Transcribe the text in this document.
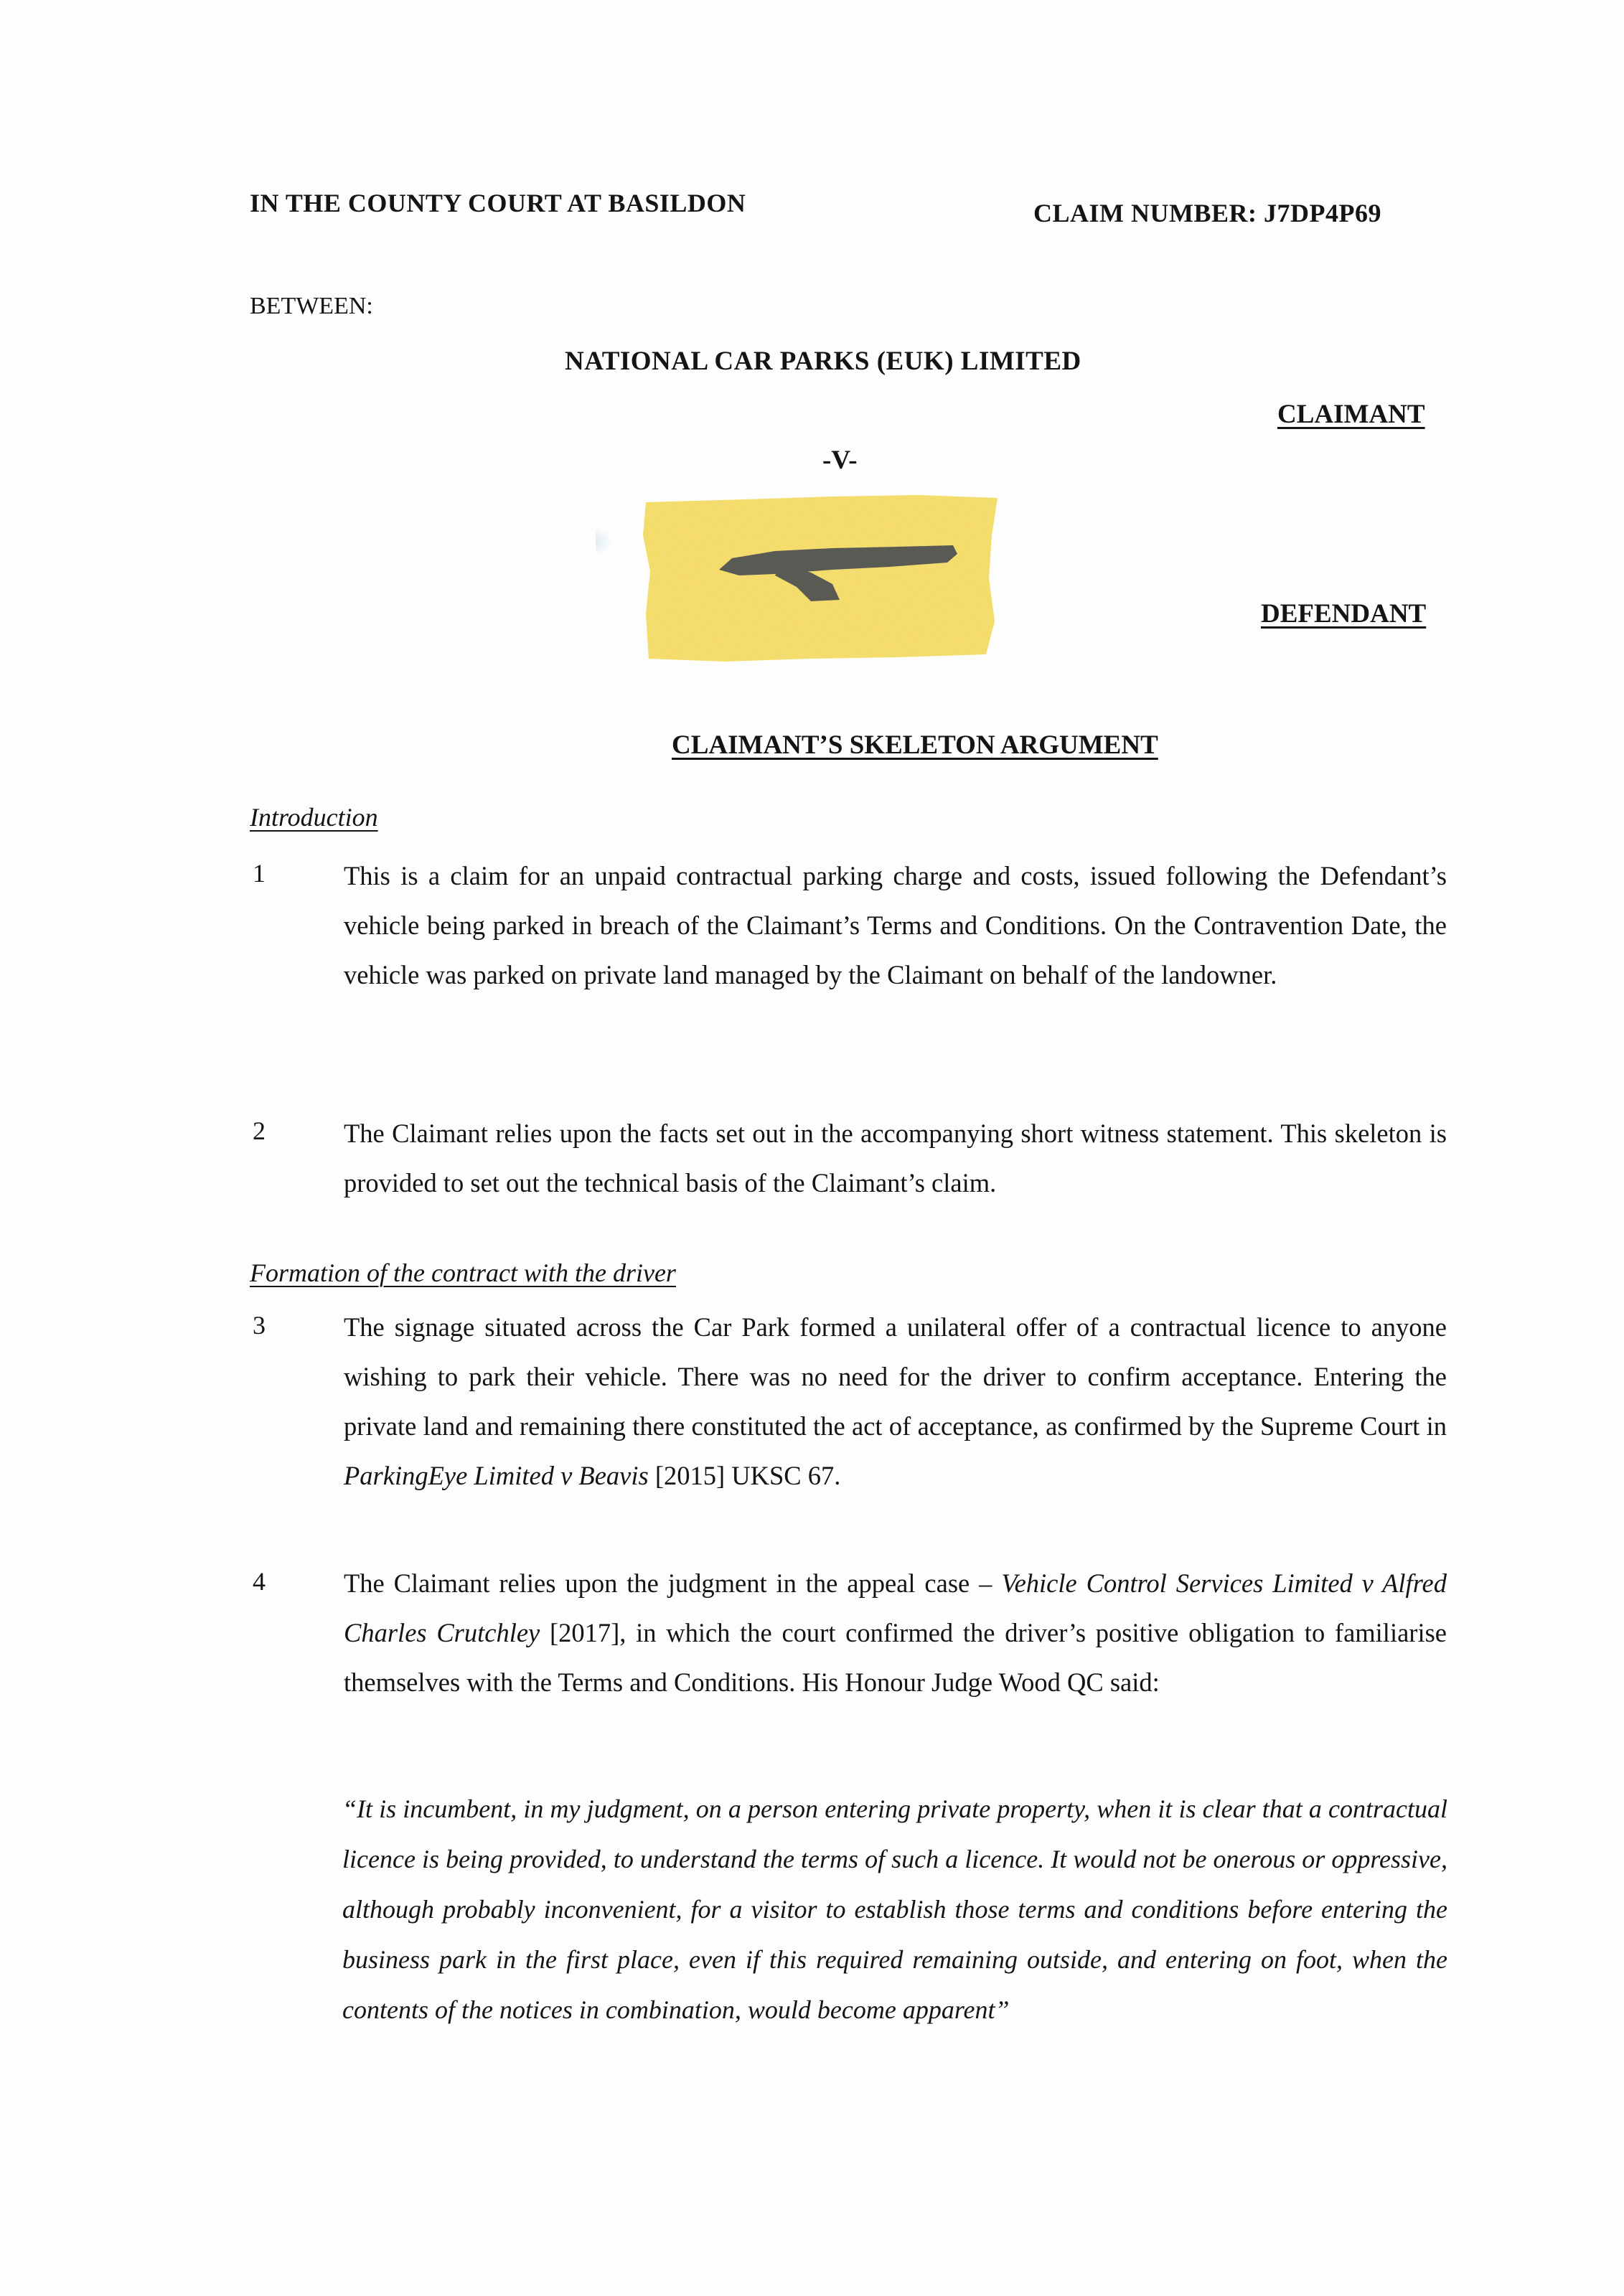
IN THE COUNTY COURT AT BASILDON	CLAIM NUMBER: J7DP4P69
BETWEEN:
NATIONAL CAR PARKS (EUK) LIMITED
CLAIMANT
-V-
DEFENDANT
CLAIMANT’S SKELETON ARGUMENT
Introduction
1	This is a claim for an unpaid contractual parking charge and costs, issued following the Defendant’s vehicle being parked in breach of the Claimant’s Terms and Conditions. On the Contravention Date, the vehicle was parked on private land managed by the Claimant on behalf of the landowner.
2	The Claimant relies upon the facts set out in the accompanying short witness statement. This skeleton is provided to set out the technical basis of the Claimant’s claim.
Formation of the contract with the driver
3	The signage situated across the Car Park formed a unilateral offer of a contractual licence to anyone wishing to park their vehicle. There was no need for the driver to confirm acceptance. Entering the private land and remaining there constituted the act of acceptance, as confirmed by the Supreme Court in ParkingEye Limited v Beavis [2015] UKSC 67.
4	The Claimant relies upon the judgment in the appeal case – Vehicle Control Services Limited v Alfred Charles Crutchley [2017], in which the court confirmed the driver’s positive obligation to familiarise themselves with the Terms and Conditions. His Honour Judge Wood QC said:
“It is incumbent, in my judgment, on a person entering private property, when it is clear that a contractual licence is being provided, to understand the terms of such a licence. It would not be onerous or oppressive, although probably inconvenient, for a visitor to establish those terms and conditions before entering the business park in the first place, even if this required remaining outside, and entering on foot, when the contents of the notices in combination, would become apparent”
